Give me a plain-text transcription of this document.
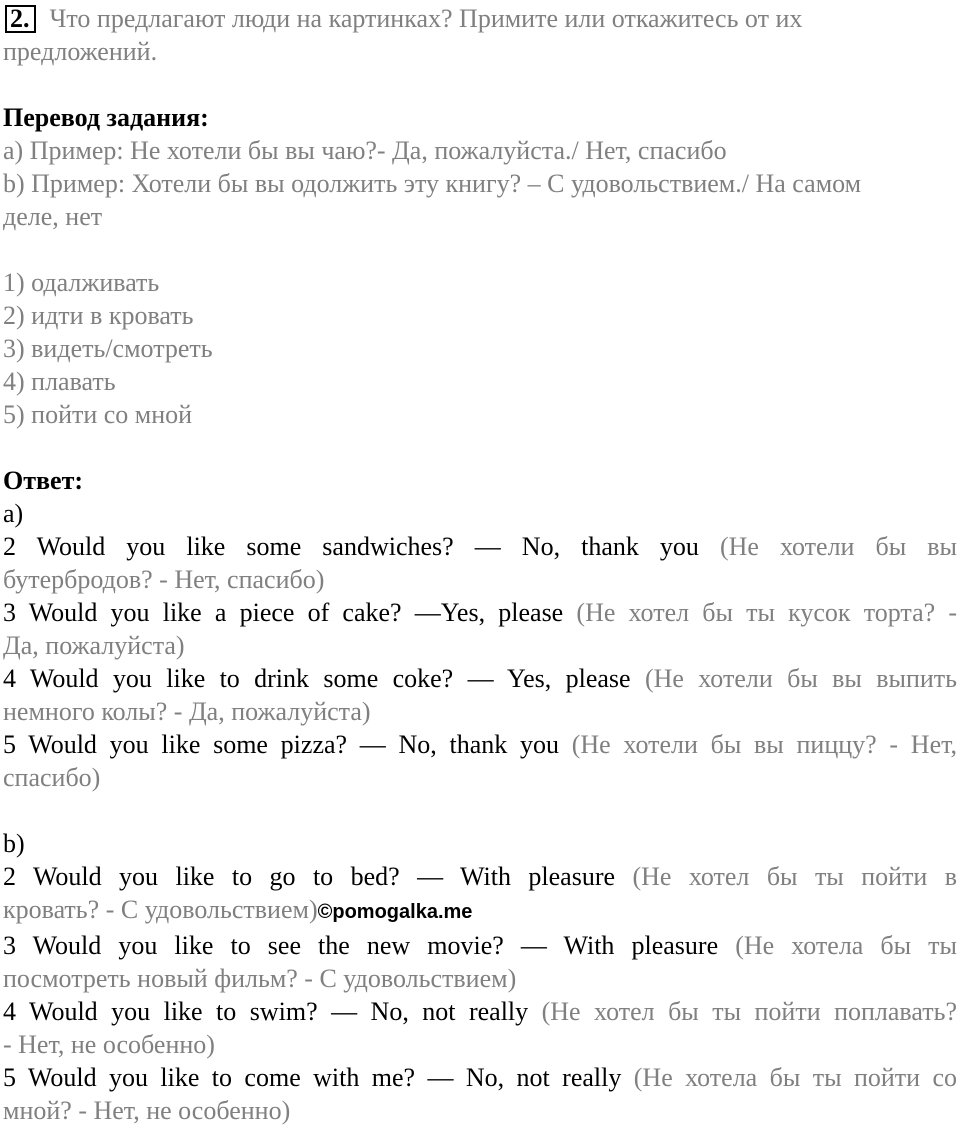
2. Что предлагают люди на картинках? Примите или откажитесь от их
предложений.
Перевод задания:
а) Пример: Не хотели бы вы чаю?- Да, пожалуйста./ Нет, спасибо
b) Пример: Хотели бы вы одолжить эту книгу? – С удовольствием./ На самом
деле, нет
1) одалживать
2) идти в кровать
3) видеть/смотреть
4) плавать
5) пойти со мной
Ответ:
а)
2 Would you like some sandwiches? — No, thank you (Не хотели бы вы
бутербродов? - Нет, спасибо)
3 Would you like a piece of cake? —Yes, please (Не хотел бы ты кусок торта? -
Да, пожалуйста)
4 Would you like to drink some coke? — Yes, please (Не хотели бы вы выпить
немного колы? - Да, пожалуйста)
5 Would you like some pizza? — No, thank you (Не хотели бы вы пиццу? - Нет,
спасибо)
b)
2 Would you like to go to bed? — With pleasure (Не хотел бы ты пойти в
кровать? - С удовольствием)©pomogalka.me
3 Would you like to see the new movie? — With pleasure (Не хотела бы ты
посмотреть новый фильм? - С удовольствием)
4 Would you like to swim? — No, not really (Не хотел бы ты пойти поплавать?
- Нет, не особенно)
5 Would you like to come with me? — No, not really (Не хотела бы ты пойти со
мной? - Нет, не особенно)
